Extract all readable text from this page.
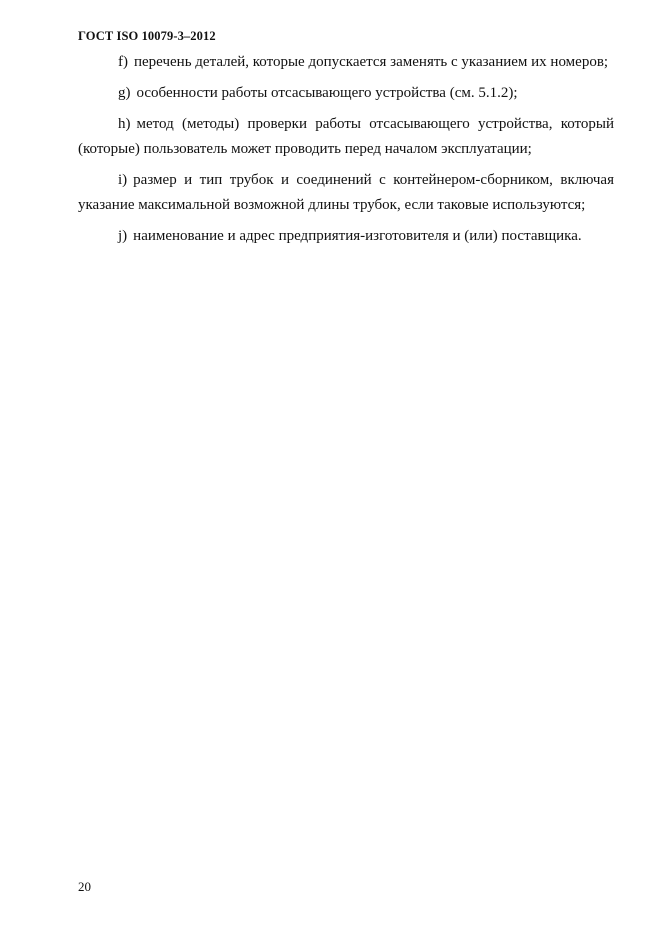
ГОСТ ISO 10079-3–2012

f) перечень деталей, которые допускается заменять с указанием их номеров;

g) особенности работы отсасывающего устройства (см. 5.1.2);

h) метод (методы) проверки работы отсасывающего устройства, который (которые) пользователь может проводить перед началом эксплуатации;

i) размер и тип трубок и соединений с контейнером-сборником, включая указание максимальной возможной длины трубок, если таковые используются;

j) наименование и адрес предприятия-изготовителя и (или) поставщика.

20
